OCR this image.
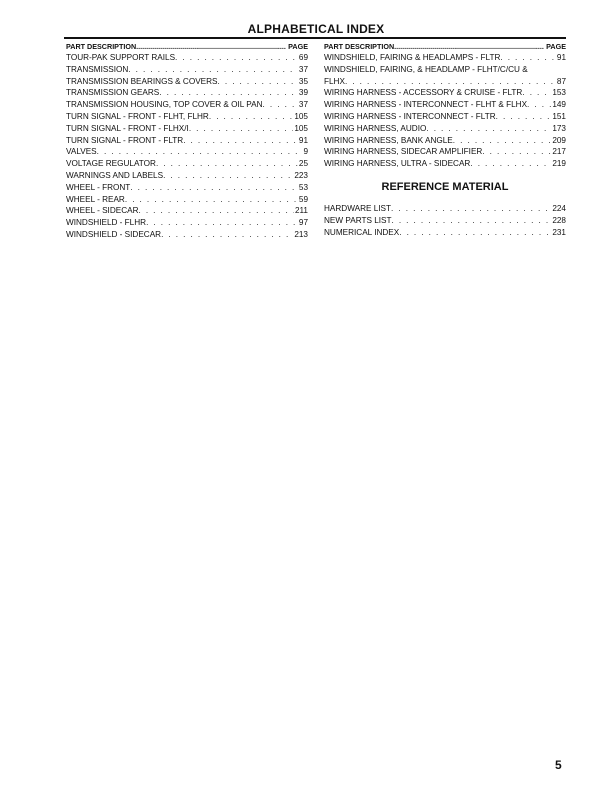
ALPHABETICAL INDEX
PART DESCRIPTION .....	PAGE
TOUR-PAK SUPPORT RAILS . . .	69
TRANSMISSION . . .	37
TRANSMISSION BEARINGS & COVERS . . .	35
TRANSMISSION GEARS . . .	39
TRANSMISSION HOUSING, TOP COVER & OIL PAN . . .	37
TURN SIGNAL - FRONT - FLHT, FLHR . . .	105
TURN SIGNAL - FRONT - FLHX/I . . .	105
TURN SIGNAL - FRONT - FLTR . . .	91
VALVES . . .	9
VOLTAGE REGULATOR . . .	25
WARNINGS AND LABELS . . .	223
WHEEL - FRONT . . .	53
WHEEL - REAR . . .	59
WHEEL - SIDECAR . . .	211
WINDSHIELD - FLHR . . .	97
WINDSHIELD - SIDECAR . . .	213
PART DESCRIPTION .....	PAGE
WINDSHIELD, FAIRING & HEADLAMPS - FLTR . . .	91
WINDSHIELD, FAIRING, & HEADLAMP - FLHT/C/CU &
FLHX . . .	87
WIRING HARNESS - ACCESSORY & CRUISE - FLTR . . .	153
WIRING HARNESS - INTERCONNECT - FLHT & FLHX . . .	149
WIRING HARNESS - INTERCONNECT - FLTR . . .	151
WIRING HARNESS, AUDIO . . .	173
WIRING HARNESS, BANK ANGLE . . .	209
WIRING HARNESS, SIDECAR AMPLIFIER . . .	217
WIRING HARNESS, ULTRA - SIDECAR . . .	219
REFERENCE MATERIAL
HARDWARE LIST . . .	224
NEW PARTS LIST . . .	228
NUMERICAL INDEX . . .	231
5
